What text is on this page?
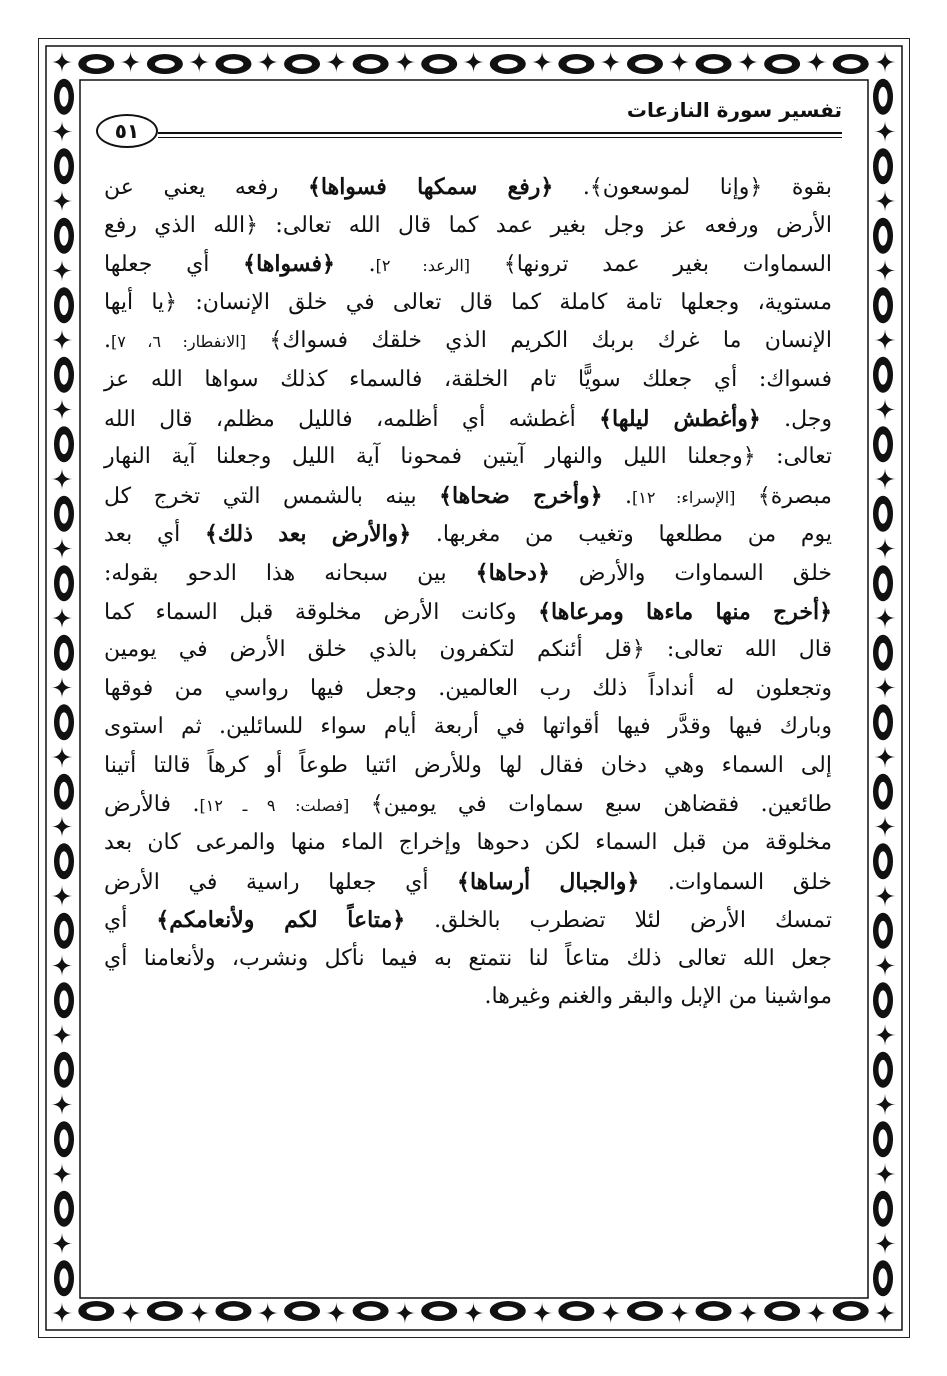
تفسير سورة النازعات
٥١
بقوة ﴿وإنا لموسعون﴾. ﴿رفع سمكها فسواها﴾ رفعه يعني عن
الأرض ورفعه عز وجل بغير عمد كما قال الله تعالى: ﴿الله الذي رفع
السماوات بغير عمد ترونها﴾ [الرعد: ٢]. ﴿فسواها﴾ أي جعلها
مستوية، وجعلها تامة كاملة كما قال تعالى في خلق الإنسان: ﴿يا أيها
الإنسان ما غرك بربك الكريم الذي خلقك فسواك﴾ [الانفطار: ٦، ٧].
فسواك: أي جعلك سويًّا تام الخلقة، فالسماء كذلك سواها الله عز
وجل. ﴿وأغطش ليلها﴾ أغطشه أي أظلمه، فالليل مظلم، قال الله
تعالى: ﴿وجعلنا الليل والنهار آيتين فمحونا آية الليل وجعلنا آية النهار
مبصرة﴾ [الإسراء: ١٢]. ﴿وأخرج ضحاها﴾ بينه بالشمس التي تخرج كل
يوم من مطلعها وتغيب من مغربها. ﴿والأرض بعد ذلك﴾ أي بعد
خلق السماوات والأرض ﴿دحاها﴾ بين سبحانه هذا الدحو بقوله:
﴿أخرج منها ماءها ومرعاها﴾ وكانت الأرض مخلوقة قبل السماء كما
قال الله تعالى: ﴿قل أئنكم لتكفرون بالذي خلق الأرض في يومين
وتجعلون له أنداداً ذلك رب العالمين. وجعل فيها رواسي من فوقها
وبارك فيها وقدَّر فيها أقواتها في أربعة أيام سواء للسائلين. ثم استوى
إلى السماء وهي دخان فقال لها وللأرض ائتيا طوعاً أو كرهاً قالتا أتينا
طائعين. فقضاهن سبع سماوات في يومين﴾ [فصلت: ٩ ـ ١٢]. فالأرض
مخلوقة من قبل السماء لكن دحوها وإخراج الماء منها والمرعى كان بعد
خلق السماوات. ﴿والجبال أرساها﴾ أي جعلها راسية في الأرض
تمسك الأرض لئلا تضطرب بالخلق. ﴿متاعاً لكم ولأنعامكم﴾ أي
جعل الله تعالى ذلك متاعاً لنا نتمتع به فيما نأكل ونشرب، ولأنعامنا أي
مواشينا من الإبل والبقر والغنم وغيرها.
